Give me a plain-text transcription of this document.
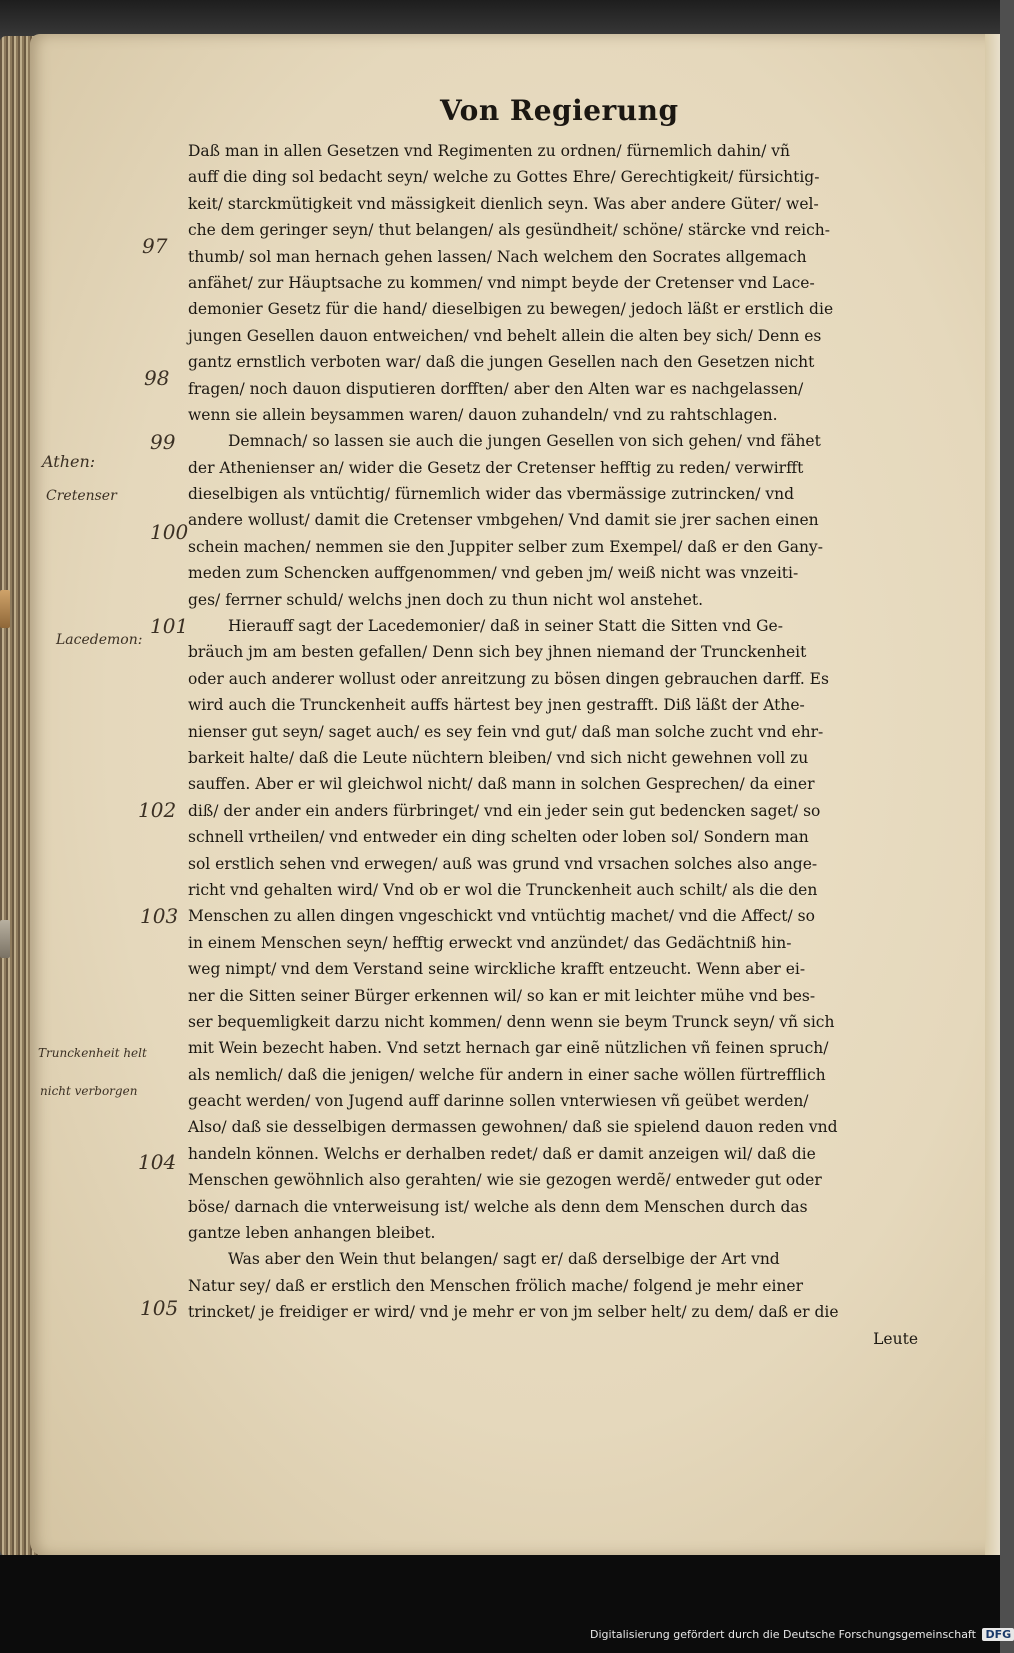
Von Regierung
Daß man in allen Gesetzen vnd Regimenten zu ordnen/ fürnemlich dahin/ vñ
auff die ding sol bedacht seyn/ welche zu Gottes Ehre/ Gerechtigkeit/ fürsichtig-
keit/ starckmütigkeit vnd mässigkeit dienlich seyn. Was aber andere Güter/ wel-
che dem geringer seyn/ thut belangen/ als gesündheit/ schöne/ stärcke vnd reich-
thumb/ sol man hernach gehen lassen/ Nach welchem den Socrates allgemach
anfähet/ zur Häuptsache zu kommen/ vnd nimpt beyde der Cretenser vnd Lace-
demonier Gesetz für die hand/ dieselbigen zu bewegen/ jedoch läßt er erstlich die
jungen Gesellen dauon entweichen/ vnd behelt allein die alten bey sich/ Denn es
gantz ernstlich verboten war/ daß die jungen Gesellen nach den Gesetzen nicht
fragen/ noch dauon disputieren dorfften/ aber den Alten war es nachgelassen/
wenn sie allein beysammen waren/ dauon zuhandeln/ vnd zu rahtschlagen.
Demnach/ so lassen sie auch die jungen Gesellen von sich gehen/ vnd fähet
der Athenienser an/ wider die Gesetz der Cretenser hefftig zu reden/ verwirfft
dieselbigen als vntüchtig/ fürnemlich wider das vbermässige zutrincken/ vnd
andere wollust/ damit die Cretenser vmbgehen/ Vnd damit sie jrer sachen einen
schein machen/ nemmen sie den Juppiter selber zum Exempel/ daß er den Gany-
meden zum Schencken auffgenommen/ vnd geben jm/ weiß nicht was vnzeiti-
ges/ ferrner schuld/ welchs jnen doch zu thun nicht wol anstehet.
Hierauff sagt der Lacedemonier/ daß in seiner Statt die Sitten vnd Ge-
bräuch jm am besten gefallen/ Denn sich bey jhnen niemand der Trunckenheit
oder auch anderer wollust oder anreitzung zu bösen dingen gebrauchen darff. Es
wird auch die Trunckenheit auffs härtest bey jnen gestrafft. Diß läßt der Athe-
nienser gut seyn/ saget auch/ es sey fein vnd gut/ daß man solche zucht vnd ehr-
barkeit halte/ daß die Leute nüchtern bleiben/ vnd sich nicht gewehnen voll zu
sauffen. Aber er wil gleichwol nicht/ daß mann in solchen Gesprechen/ da einer
diß/ der ander ein anders fürbringet/ vnd ein jeder sein gut bedencken saget/ so
schnell vrtheilen/ vnd entweder ein ding schelten oder loben sol/ Sondern man
sol erstlich sehen vnd erwegen/ auß was grund vnd vrsachen solches also ange-
richt vnd gehalten wird/ Vnd ob er wol die Trunckenheit auch schilt/ als die den
Menschen zu allen dingen vngeschickt vnd vntüchtig machet/ vnd die Affect/ so
in einem Menschen seyn/ hefftig erweckt vnd anzündet/ das Gedächtniß hin-
weg nimpt/ vnd dem Verstand seine wirckliche krafft entzeucht. Wenn aber ei-
ner die Sitten seiner Bürger erkennen wil/ so kan er mit leichter mühe vnd bes-
ser bequemligkeit darzu nicht kommen/ denn wenn sie beym Trunck seyn/ vñ sich
mit Wein bezecht haben. Vnd setzt hernach gar einẽ nützlichen vñ feinen spruch/
als nemlich/ daß die jenigen/ welche für andern in einer sache wöllen fürtrefflich
geacht werden/ von Jugend auff darinne sollen vnterwiesen vñ geübet werden/
Also/ daß sie desselbigen dermassen gewohnen/ daß sie spielend dauon reden vnd
handeln können. Welchs er derhalben redet/ daß er damit anzeigen wil/ daß die
Menschen gewöhnlich also gerahten/ wie sie gezogen werdẽ/ entweder gut oder
böse/ darnach die vnterweisung ist/ welche als denn dem Menschen durch das
gantze leben anhangen bleibet.
Was aber den Wein thut belangen/ sagt er/ daß derselbige der Art vnd
Natur sey/ daß er erstlich den Menschen frölich mache/ folgend je mehr einer
trincket/ je freidiger er wird/ vnd je mehr er von jm selber helt/ zu dem/ daß er die
Leute
97
98
99
100
101
102
103
104
105
Athen:
Cretenser
Lacedemon:
Trunckenheit helt
nicht verborgen
Digitalisierung gefördert durch die Deutsche Forschungsgemeinschaft DFG
